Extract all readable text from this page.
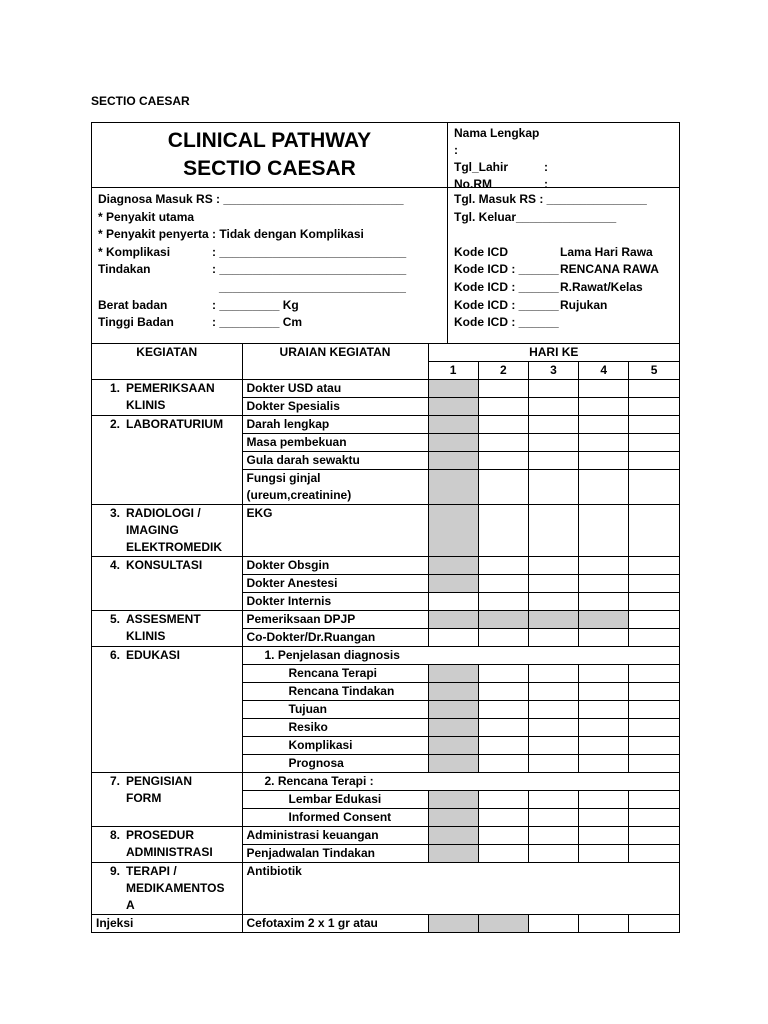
SECTIO CAESAR
CLINICAL PATHWAY
SECTIO CAESAR
Nama Lengkap :
Tgl_Lahir	:
No.RM	:
Diagnosa Masuk RS : ___________________________
* Penyakit utama
* Penyakit penyerta : Tidak dengan Komplikasi
* Komplikasi	: ____________________________
Tindakan	: ____________________________
____________________________
Berat badan	: _________ Kg
Tinggi Badan	: _________ Cm
Tgl. Masuk RS : _______________
Tgl. Keluar_______________
Kode ICD	Lama Hari Rawa
Kode ICD : ______ RENCANA RAWA
Kode ICD : ______ R.Rawat/Kelas
Kode ICD : ______ Rujukan
Kode ICD : ______
KEGIATAN	URAIAN KEGIATAN	HARI KE				
		1	2	3	4	5
1. PEMERIKSAAN KLINIS	Dokter USD atau					
	Dokter Spesialis					
2. LABORATURIUM	Darah lengkap					
	Masa pembekuan					
	Gula darah sewaktu					
	Fungsi ginjal (ureum,creatinine)					
3. RADIOLOGI / IMAGING ELEKTROMEDIK	EKG					
4. KONSULTASI	Dokter Obsgin					
	Dokter Anestesi					
	Dokter Internis					
5. ASSESMENT KLINIS	Pemeriksaan DPJP					
	Co-Dokter/Dr.Ruangan					
6. EDUKASI	1. Penjelasan diagnosis					
	Rencana Terapi					
	Rencana Tindakan					
	Tujuan					
	Resiko					
	Komplikasi					
	Prognosa					
7. PENGISIAN FORM	2. Rencana Terapi :					
	Lembar Edukasi					
	Informed Consent					
8. PROSEDUR ADMINISTRASI	Administrasi keuangan					
	Penjadwalan Tindakan					
9. TERAPI / MEDIKAMENTOS A	Antibiotik					
Injeksi	Cefotaxim 2 x 1 gr atau					
